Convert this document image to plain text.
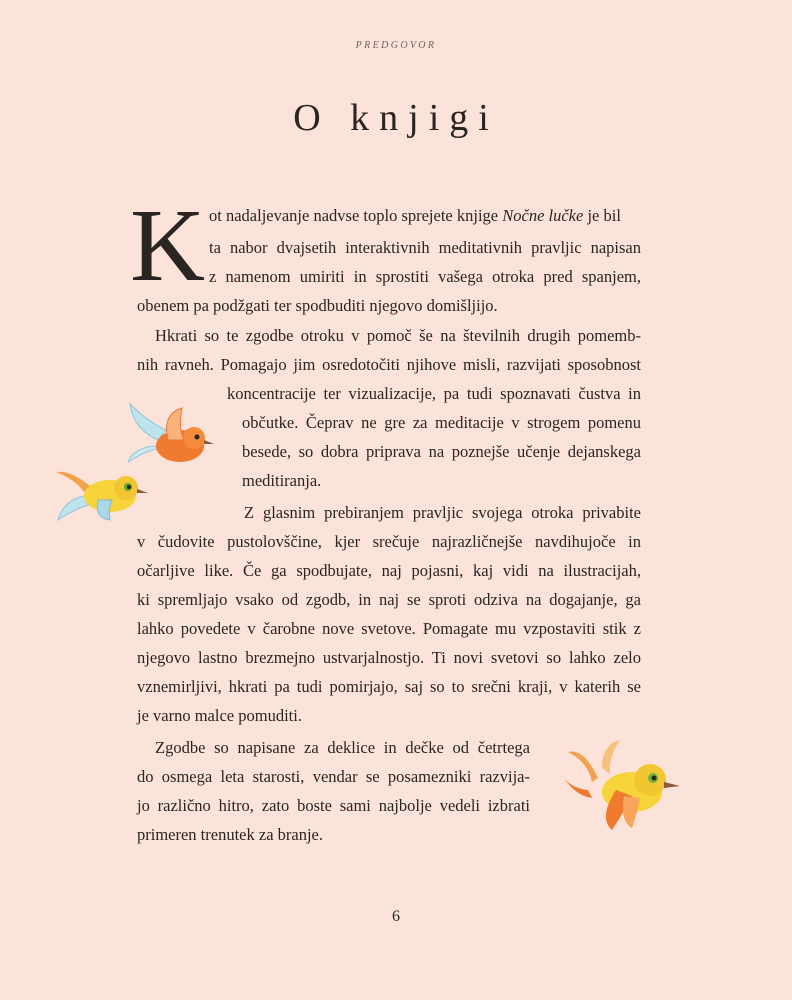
PREDGOVOR
O knjigi
K ot nadaljevanje nadvse toplo sprejete knjige Nočne lučke je bil
ta nabor dvajsetih interaktivnih meditativnih pravljic napisan
z namenom umiriti in sprostiti vašega otroka pred spanjem,
obenem pa podžgati ter spodbuditi njegovo domišljijo.
Hkrati so te zgodbe otroku v pomoč še na številnih drugih pomemb-
nih ravneh. Pomagajo jim osredotočiti njihove misli, razvijati sposobnost
koncentracije ter vizualizacije, pa tudi spoznavati čustva in
občutke. Čeprav ne gre za meditacije v strogem pomenu
besede, so dobra priprava na poznejše učenje dejanskega
meditiranja.
Z glasnim prebiranjem pravljic svojega otroka privabite
v čudovite pustolovščine, kjer srečuje najrazličnejše navdihujoče in
očarljive like. Če ga spodbujate, naj pojasni, kaj vidi na ilustracijah,
ki spremljajo vsako od zgodb, in naj se sproti odziva na dogajanje, ga
lahko povedete v čarobne nove svetove. Pomagate mu vzpostaviti stik z
njegovo lastno brezmejno ustvarjalnostjo. Ti novi svetovi so lahko zelo
vznemirljivi, hkrati pa tudi pomirjajo, saj so to srečni kraji, v katerih se
je varno malce pomuditi.
Zgodbe so napisane za deklice in dečke od četrtega
do osmega leta starosti, vendar se posamezniki razvija-
jo različno hitro, zato boste sami najbolje vedeli izbrati
primeren trenutek za branje.
6
